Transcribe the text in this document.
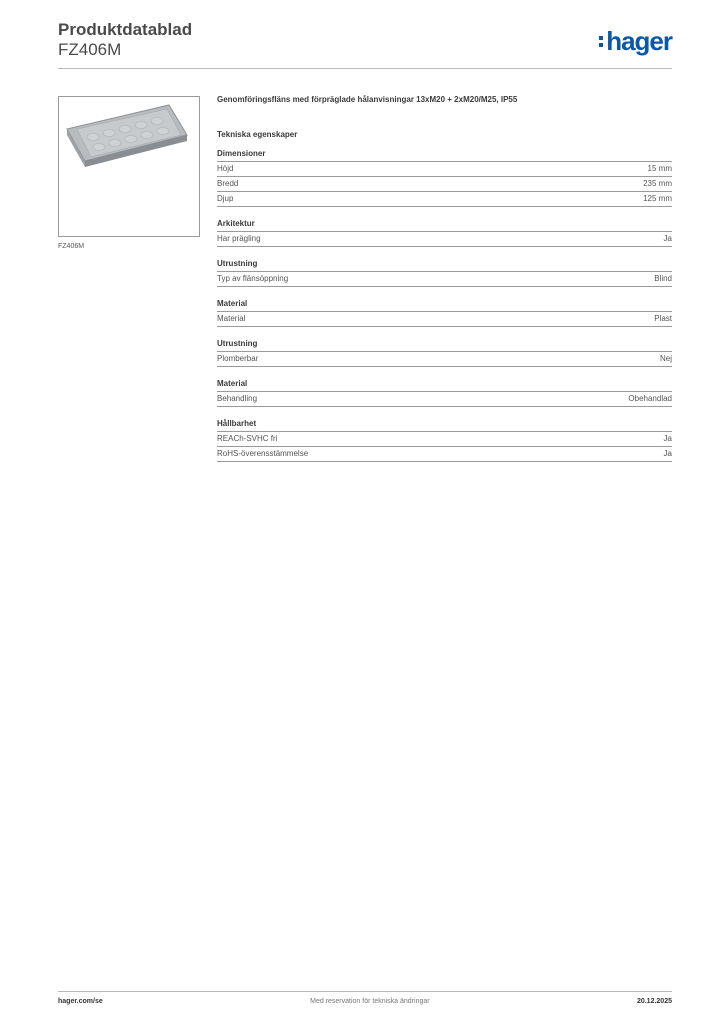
Produktdatablad
FZ406M	hager
FZ406M
Genomföringsfläns med förpräglade hålanvisningar 13xM20 + 2xM20/M25, IP55
Tekniska egenskaper
Dimensioner
Höjd	15 mm
Bredd	235 mm
Djup	125 mm
Arkitektur
Har prägling	Ja
Utrustning
Typ av flänsöppning	Blind
Material
Material	Plast
Utrustning
Plomberbar	Nej
Material
Behandling	Obehandlad
Hållbarhet
REACh-SVHC fri	Ja
RoHS-överensstämmelse	Ja
hager.com/se	Med reservation för tekniska ändringar	20.12.2025
